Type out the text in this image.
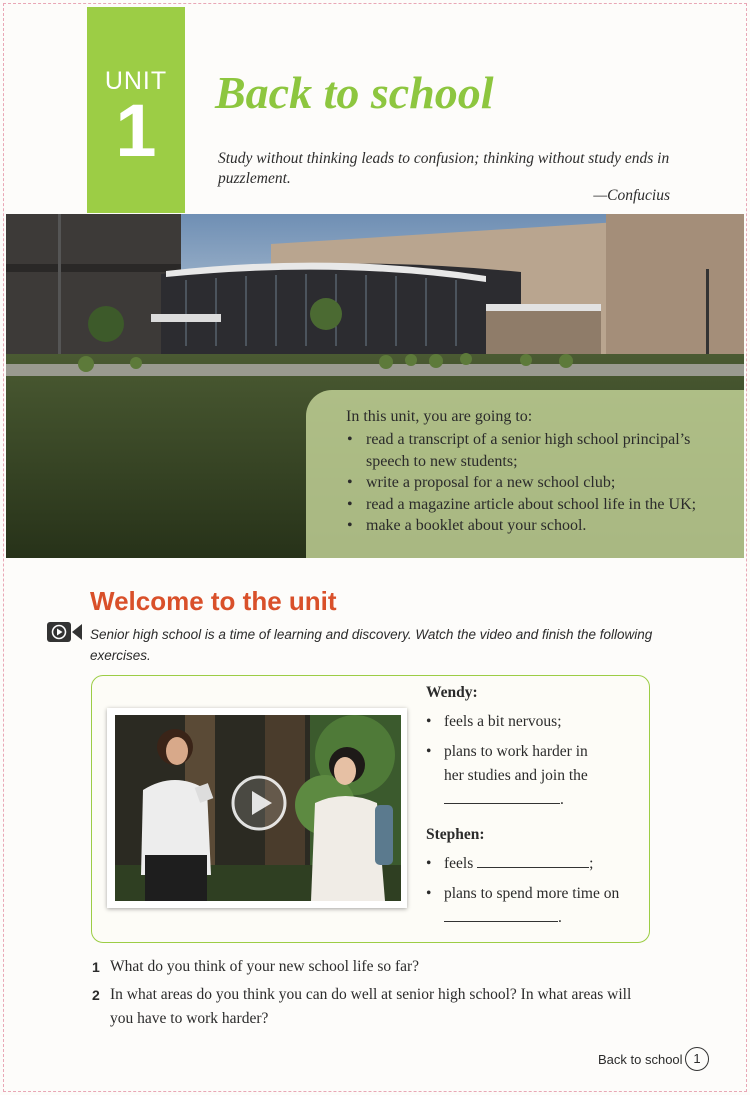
UNIT
1	Back to school
Study without thinking leads to confusion; thinking without study ends in puzzlement.
—Confucius
In this unit, you are going to:
• read a transcript of a senior high school principal’s speech to new students;
• write a proposal for a new school club;
• read a magazine article about school life in the UK;
• make a booklet about your school.
Welcome to the unit
Senior high school is a time of learning and discovery. Watch the video and finish the following exercises.
Wendy:
• feels a bit nervous;
• plans to work harder in
her studies and join the
.
Stephen:
• feels	;
• plans to spend more time on
.
1 What do you think of your new school life so far?
2 In what areas do you think you can do well at senior high school? In what areas will you have to work harder?
Back to school 1
